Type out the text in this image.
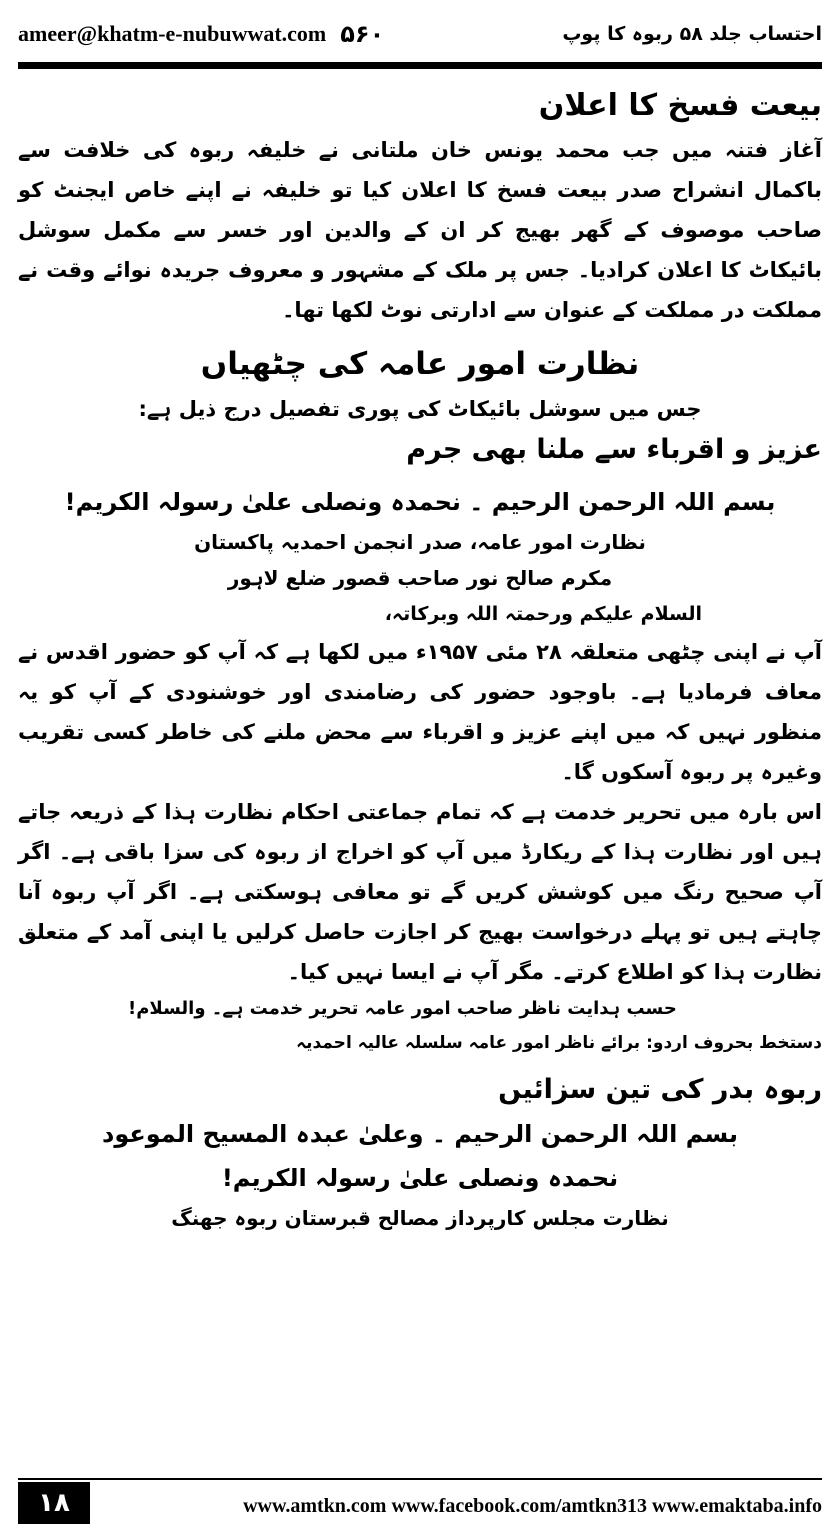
ameer@khatm-e-nubuwwat.com ۵۶۰	احتساب جلد ۵۸ ربوہ کا پوپ

بیعت فسخ کا اعلان

آغاز فتنہ میں جب محمد یونس خان ملتانی نے خلیفہ ربوہ کی خلافت سے باکمال انشراح صدر بیعت فسخ کا اعلان کیا تو خلیفہ نے اپنے خاص ایجنٹ کو صاحب موصوف کے گھر بھیج کر ان کے والدین اور خسر سے مکمل سوشل بائیکاٹ کا اعلان کرادیا۔ جس پر ملک کے مشہور و معروف جریدہ نوائے وقت نے مملکت در مملکت کے عنوان سے ادارتی نوٹ لکھا تھا۔

نظارت امور عامہ کی چٹھیاں

جس میں سوشل بائیکاٹ کی پوری تفصیل درج ذیل ہے:

عزیز و اقرباء سے ملنا بھی جرم

بسم اللہ الرحمن الرحیم ۔ نحمدہ ونصلی علیٰ رسولہ الکریم!

نظارت امور عامہ، صدر انجمن احمدیہ پاکستان

مکرم صالح نور صاحب قصور ضلع لاہور

السلام علیکم ورحمتہ اللہ وبرکاتہ،

آپ نے اپنی چٹھی متعلقہ ۲۸ مئی ۱۹۵۷ء میں لکھا ہے کہ آپ کو حضور اقدس نے معاف فرمادیا ہے۔ باوجود حضور کی رضامندی اور خوشنودی کے آپ کو یہ منظور نہیں کہ میں اپنے عزیز و اقرباء سے محض ملنے کی خاطر کسی تقریب وغیرہ پر ربوہ آسکوں گا۔

اس بارہ میں تحریر خدمت ہے کہ تمام جماعتی احکام نظارت ہذا کے ذریعہ جاتے ہیں اور نظارت ہذا کے ریکارڈ میں آپ کو اخراج از ربوہ کی سزا باقی ہے۔ اگر آپ صحیح رنگ میں کوشش کریں گے تو معافی ہوسکتی ہے۔ اگر آپ ربوہ آنا چاہتے ہیں تو پہلے درخواست بھیج کر اجازت حاصل کرلیں یا اپنی آمد کے متعلق نظارت ہذا کو اطلاع کرتے۔ مگر آپ نے ایسا نہیں کیا۔

حسب ہدایت ناظر صاحب امور عامہ تحریر خدمت ہے۔ والسلام!

دستخط بحروف اردو: برائے ناظر امور عامہ سلسلہ عالیہ احمدیہ

ربوہ بدر کی تین سزائیں

بسم اللہ الرحمن الرحیم ۔ وعلیٰ عبدہ المسیح الموعود

نحمدہ ونصلی علیٰ رسولہ الکریم!

نظارت مجلس کارپرداز مصالح قبرستان ربوہ جھنگ

۱۸	www.amtkn.com www.facebook.com/amtkn313 www.emaktaba.info
